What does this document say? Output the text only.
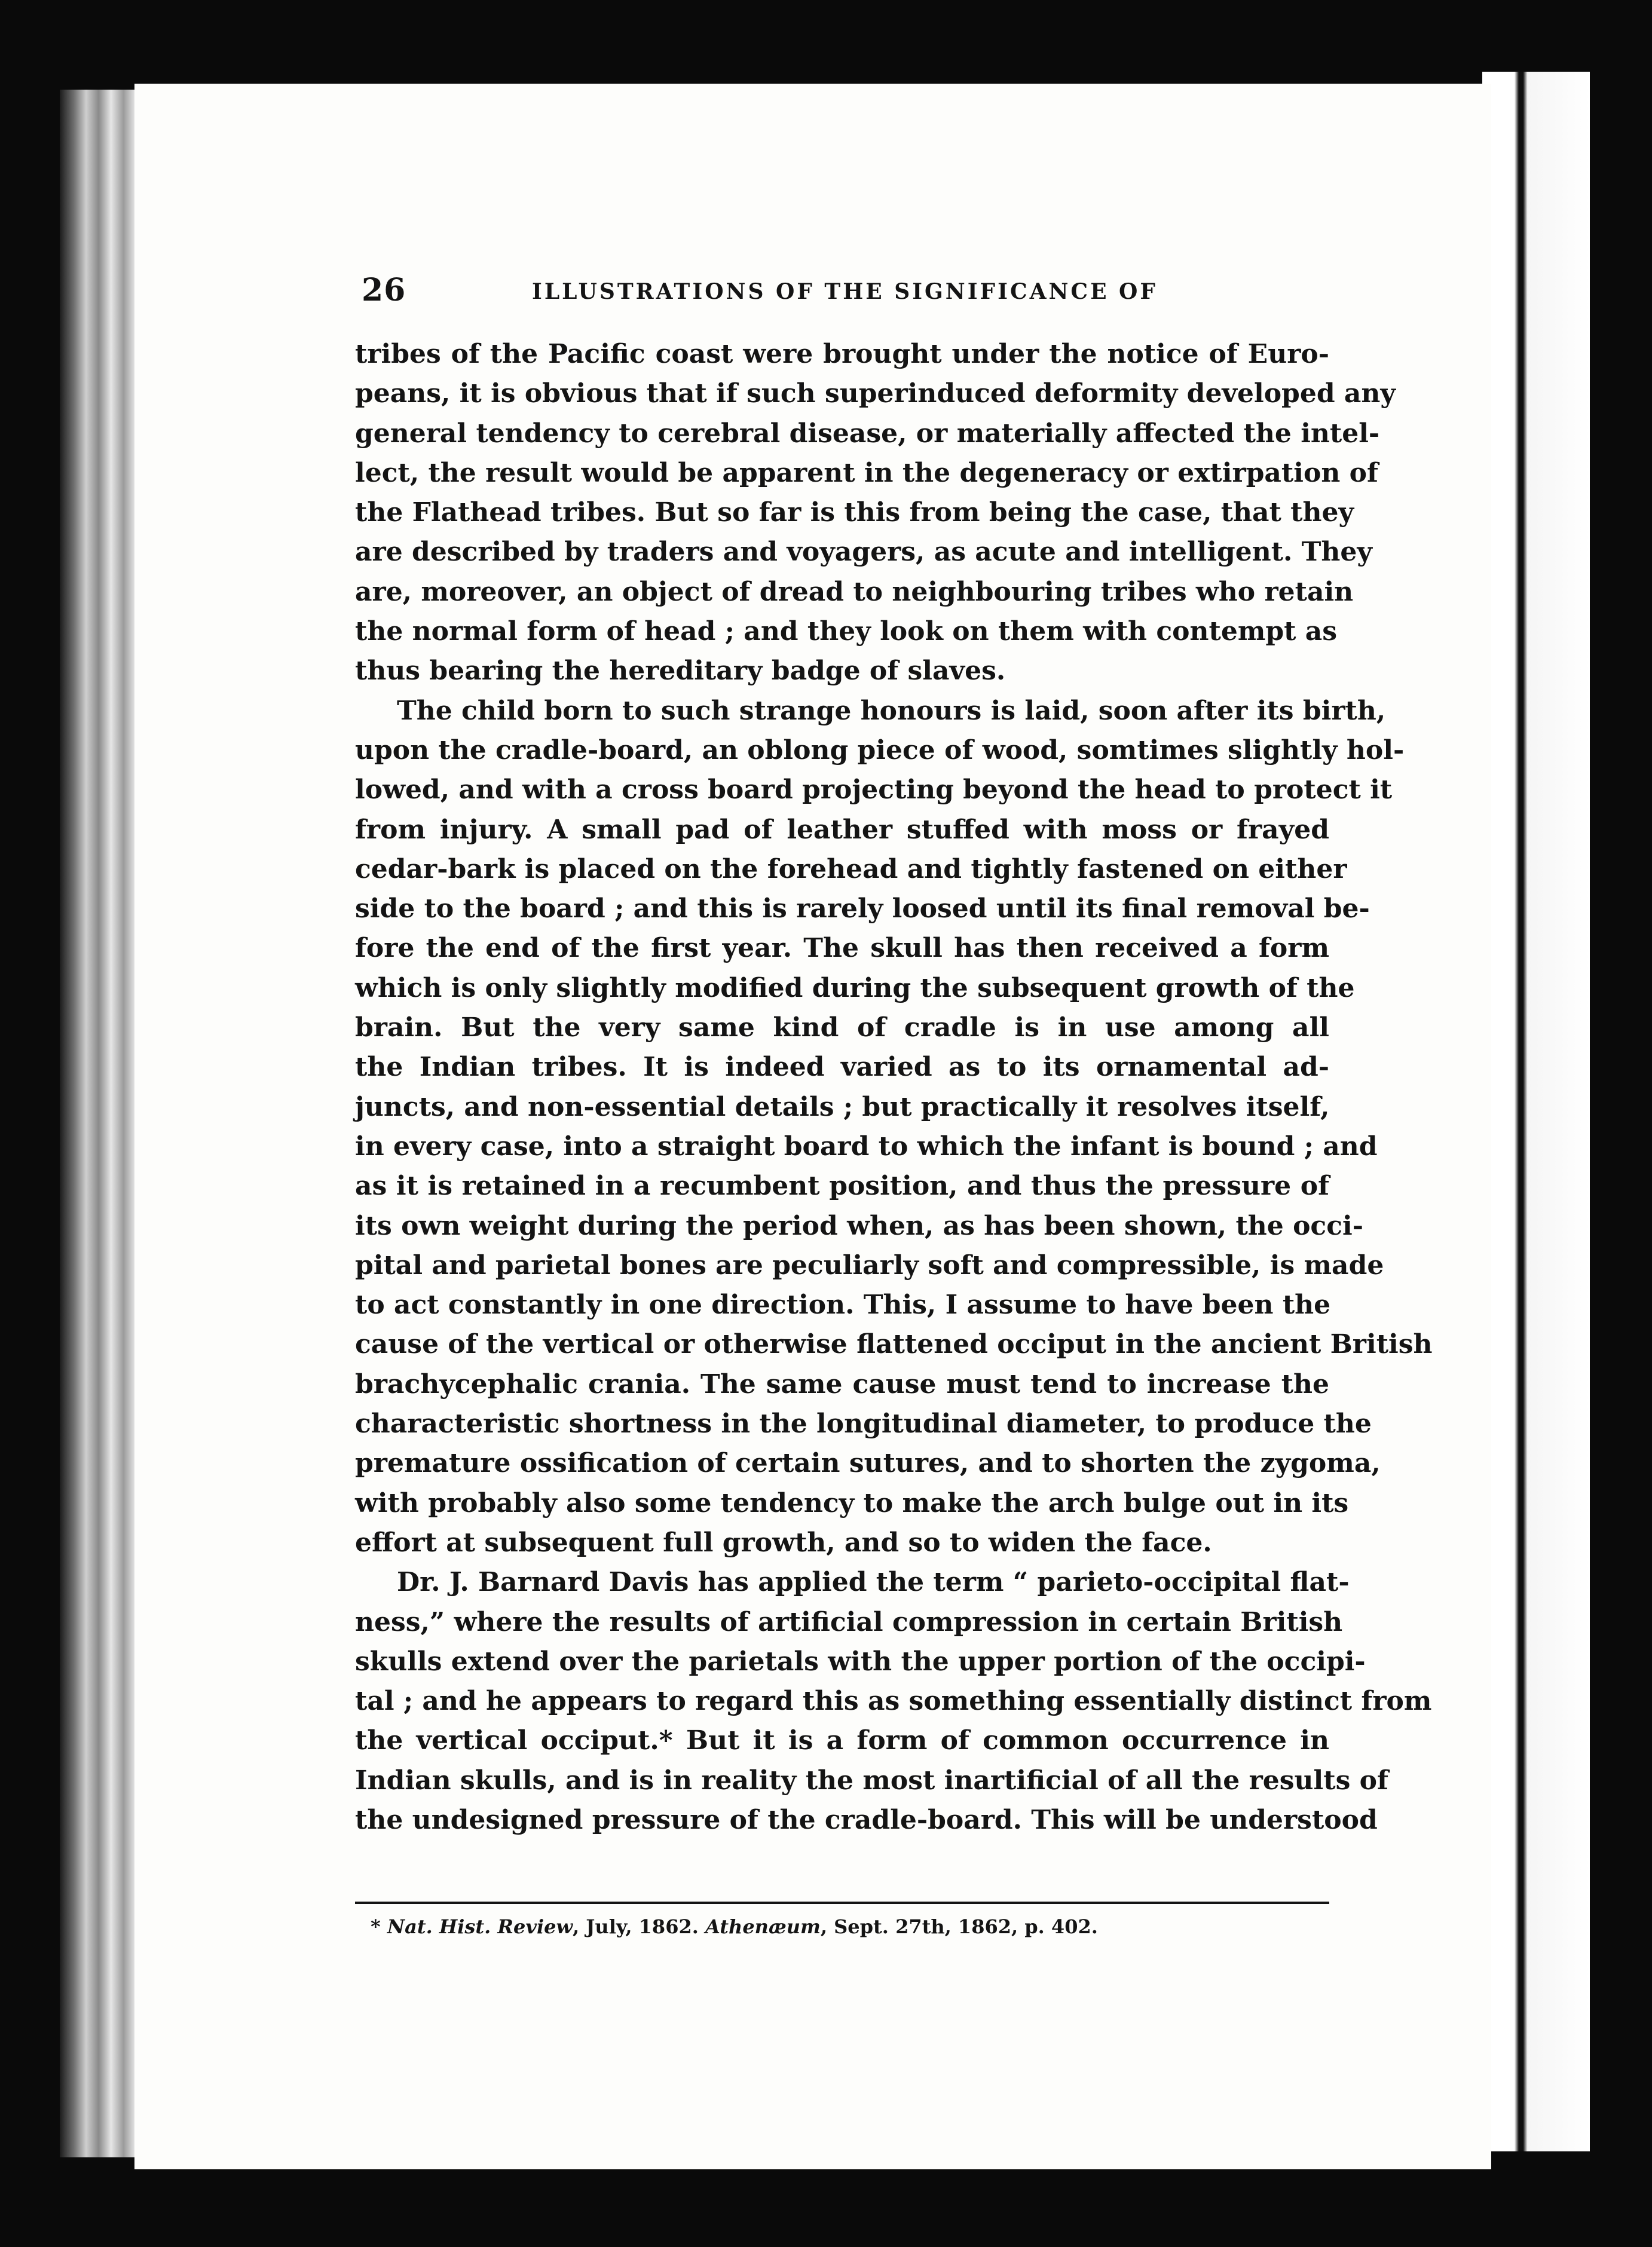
26	ILLUSTRATIONS OF THE SIGNIFICANCE OF
tribes of the Pacific coast were brought under the notice of Euro-
peans, it is obvious that if such superinduced deformity developed any
general tendency to cerebral disease, or materially affected the intel-
lect, the result would be apparent in the degeneracy or extirpation of
the Flathead tribes. But so far is this from being the case, that they
are described by traders and voyagers, as acute and intelligent. They
are, moreover, an object of dread to neighbouring tribes who retain
the normal form of head ; and they look on them with contempt as
thus bearing the hereditary badge of slaves.
The child born to such strange honours is laid, soon after its birth,
upon the cradle-board, an oblong piece of wood, somtimes slightly hol-
lowed, and with a cross board projecting beyond the head to protect it
from injury. A small pad of leather stuffed with moss or frayed
cedar-bark is placed on the forehead and tightly fastened on either
side to the board ; and this is rarely loosed until its final removal be-
fore the end of the first year. The skull has then received a form
which is only slightly modified during the subsequent growth of the
brain. But the very same kind of cradle is in use among all
the Indian tribes. It is indeed varied as to its ornamental ad-
juncts, and non-essential details ; but practically it resolves itself,
in every case, into a straight board to which the infant is bound ; and
as it is retained in a recumbent position, and thus the pressure of
its own weight during the period when, as has been shown, the occi-
pital and parietal bones are peculiarly soft and compressible, is made
to act constantly in one direction. This, I assume to have been the
cause of the vertical or otherwise flattened occiput in the ancient British
brachycephalic crania. The same cause must tend to increase the
characteristic shortness in the longitudinal diameter, to produce the
premature ossification of certain sutures, and to shorten the zygoma,
with probably also some tendency to make the arch bulge out in its
effort at subsequent full growth, and so to widen the face.
Dr. J. Barnard Davis has applied the term “ parieto-occipital flat-
ness,” where the results of artificial compression in certain British
skulls extend over the parietals with the upper portion of the occipi-
tal ; and he appears to regard this as something essentially distinct from
the vertical occiput.* But it is a form of common occurrence in
Indian skulls, and is in reality the most inartificial of all the results of
the undesigned pressure of the cradle-board. This will be understood
* Nat. Hist. Review, July, 1862. Athenæum, Sept. 27th, 1862, p. 402.
